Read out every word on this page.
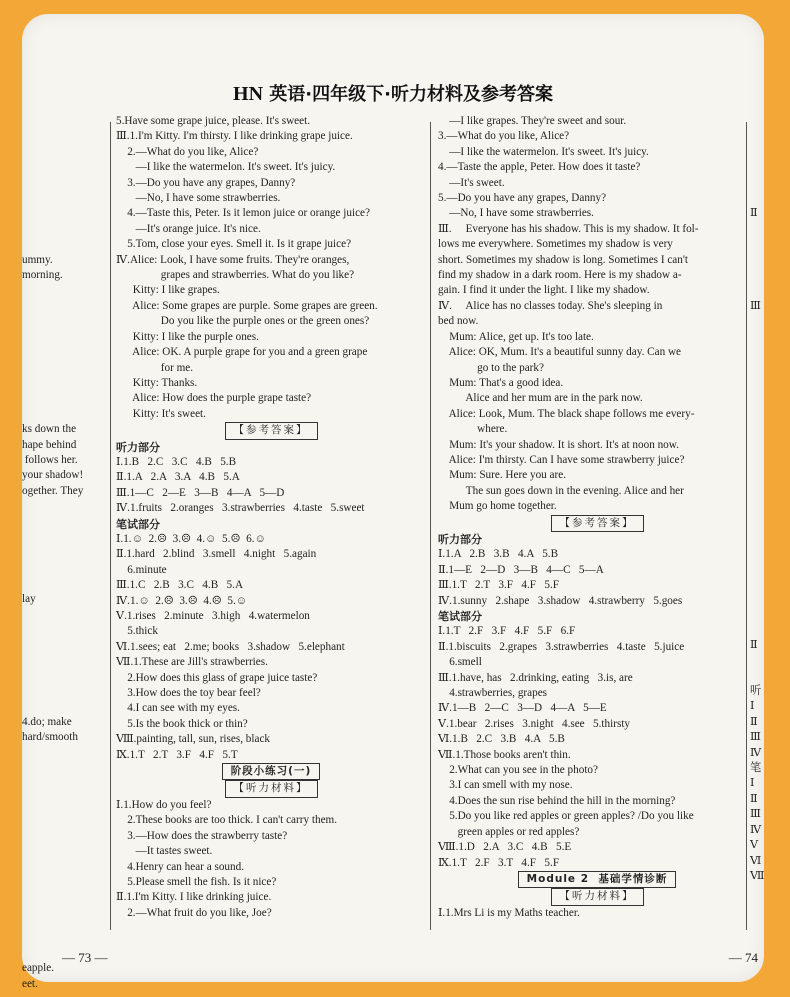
HN 英语·四年级下·听力材料及参考答案

ummy.

morning.

ks down the

hape behind

follows her.

your shadow!

ogether. They

lay

4.do; make

hard/smooth

eapple.

eet.

5.Have some grape juice, please. It's sweet.

Ⅲ.1.I'm Kitty. I'm thirsty. I like drinking grape juice.

2.—What do you like, Alice?

—I like the watermelon. It's sweet. It's juicy.

3.—Do you have any grapes, Danny?

—No, I have some strawberries.

4.—Taste this, Peter. Is it lemon juice or orange juice?

—It's orange juice. It's nice.

5.Tom, close your eyes. Smell it. Is it grape juice?

Ⅳ.Alice: Look, I have some fruits. They're oranges,

grapes and strawberries. What do you like?

Kitty: I like grapes.

Alice: Some grapes are purple. Some grapes are green.

Do you like the purple ones or the green ones?

Kitty: I like the purple ones.

Alice: OK. A purple grape for you and a green grape

for me.

Kitty: Thanks.

Alice: How does the purple grape taste?

Kitty: It's sweet.

【参考答案】

听力部分

Ⅰ.1.B   2.C   3.C   4.B   5.B

Ⅱ.1.A   2.A   3.A   4.B   5.A

Ⅲ.1—C   2—E   3—B   4—A   5—D

Ⅳ.1.fruits   2.oranges   3.strawberries   4.taste   5.sweet

笔试部分

Ⅰ.1.☺  2.☹  3.☹  4.☺  5.☹  6.☺

Ⅱ.1.hard   2.blind   3.smell   4.night   5.again

6.minute

Ⅲ.1.C   2.B   3.C   4.B   5.A

Ⅳ.1.☺  2.☹  3.☹  4.☹  5.☺

Ⅴ.1.rises   2.minute   3.high   4.watermelon

5.thick

Ⅵ.1.sees; eat   2.me; books   3.shadow   5.elephant

Ⅶ.1.These are Jill's strawberries.

2.How does this glass of grape juice taste?

3.How does the toy bear feel?

4.I can see with my eyes.

5.Is the book thick or thin?

Ⅷ.painting, tall, sun, rises, black

Ⅸ.1.T   2.T   3.F   4.F   5.T

阶段小练习(一)

【听力材料】

Ⅰ.1.How do you feel?

2.These books are too thick. I can't carry them.

3.—How does the strawberry taste?

—It tastes sweet.

4.Henry can hear a sound.

5.Please smell the fish. Is it nice?

Ⅱ.1.I'm Kitty. I like drinking juice.

2.—What fruit do you like, Joe?

—I like grapes. They're sweet and sour.

3.—What do you like, Alice?

—I like the watermelon. It's sweet. It's juicy.

4.—Taste the apple, Peter. How does it taste?

—It's sweet.

5.—Do you have any grapes, Danny?

—No, I have some strawberries.

Ⅲ.     Everyone has his shadow. This is my shadow. It fol-

lows me everywhere. Sometimes my shadow is very

short. Sometimes my shadow is long. Sometimes I can't

find my shadow in a dark room. Here is my shadow a-

gain. I find it under the light. I like my shadow.

Ⅳ.     Alice has no classes today. She's sleeping in

bed now.

Mum: Alice, get up. It's too late.

Alice: OK, Mum. It's a beautiful sunny day. Can we

go to the park?

Mum: That's a good idea.

Alice and her mum are in the park now.

Alice: Look, Mum. The black shape follows me every-

where.

Mum: It's your shadow. It is short. It's at noon now.

Alice: I'm thirsty. Can I have some strawberry juice?

Mum: Sure. Here you are.

The sun goes down in the evening. Alice and her

Mum go home together.

【参考答案】

听力部分

Ⅰ.1.A   2.B   3.B   4.A   5.B

Ⅱ.1—E   2—D   3—B   4—C   5—A

Ⅲ.1.T   2.T   3.F   4.F   5.F

Ⅳ.1.sunny   2.shape   3.shadow   4.strawberry   5.goes

笔试部分

Ⅰ.1.T   2.F   3.F   4.F   5.F   6.F

Ⅱ.1.biscuits   2.grapes   3.strawberries   4.taste   5.juice

6.smell

Ⅲ.1.have, has   2.drinking, eating   3.is, are

4.strawberries, grapes

Ⅳ.1—B   2—C   3—D   4—A   5—E

Ⅴ.1.bear   2.rises   3.night   4.see   5.thirsty

Ⅵ.1.B   2.C   3.B   4.A   5.B

Ⅶ.1.Those books aren't thin.

2.What can you see in the photo?

3.I can smell with my nose.

4.Does the sun rise behind the hill in the morning?

5.Do you like red apples or green apples? /Do you like

green apples or red apples?

Ⅷ.1.D   2.A   3.C   4.B   5.E

Ⅸ.1.T   2.F   3.T   4.F   5.F

Module 2  基础学情诊断

【听力材料】

Ⅰ.1.Mrs Li is my Maths teacher.

Ⅱ

Ⅲ

Ⅱ

听

Ⅰ

Ⅱ

Ⅲ

Ⅳ

笔

Ⅰ

Ⅱ

Ⅲ

Ⅳ

Ⅴ

Ⅵ

Ⅶ

— 73 —	— 74
